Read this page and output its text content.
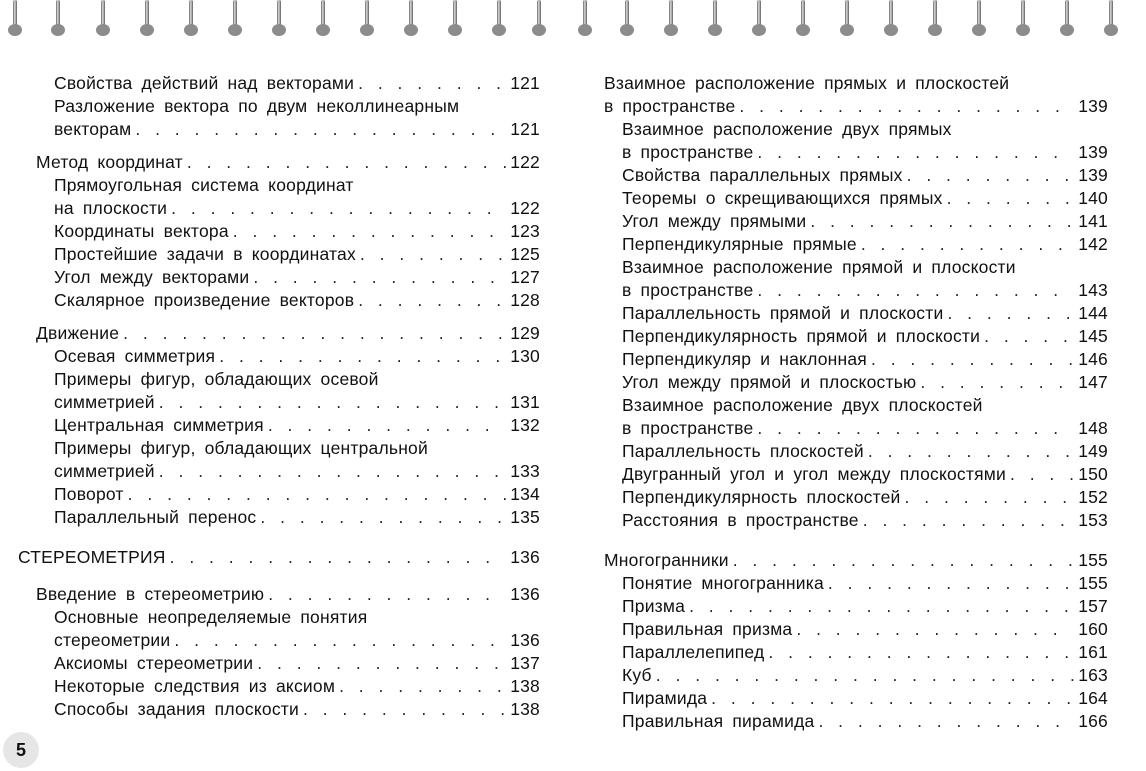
Свойства действий над векторами . . .	121
Разложение вектора по двум неколлинеарным
векторам . . .	121
Метод координат . . .	122
Прямоугольная система координат
на плоскости . . .	122
Координаты вектора . . .	123
Простейшие задачи в координатах . . .	125
Угол между векторами . . .	127
Скалярное произведение векторов . . .	128
Движение . . .	129
Осевая симметрия . . .	130
Примеры фигур, обладающих осевой
симметрией . . .	131
Центральная симметрия . . .	132
Примеры фигур, обладающих центральной
симметрией . . .	133
Поворот . . .	134
Параллельный перенос . . .	135
СТЕРЕОМЕТРИЯ . . .	136
Введение в стереометрию . . .	136
Основные неопределяемые понятия
стереометрии . . .	136
Аксиомы стереометрии . . .	137
Некоторые следствия из аксиом . . .	138
Способы задания плоскости . . .	138
Взаимное расположение прямых и плоскостей
в пространстве . . .	139
Взаимное расположение двух прямых
в пространстве . . .	139
Свойства параллельных прямых . . .	139
Теоремы о скрещивающихся прямых . . .	140
Угол между прямыми . . .	141
Перпендикулярные прямые . . .	142
Взаимное расположение прямой и плоскости
в пространстве . . .	143
Параллельность прямой и плоскости . . .	144
Перпендикулярность прямой и плоскости . . .	145
Перпендикуляр и наклонная . . .	146
Угол между прямой и плоскостью . . .	147
Взаимное расположение двух плоскостей
в пространстве . . .	148
Параллельность плоскостей . . .	149
Двугранный угол и угол между плоскостями . . .	150
Перпендикулярность плоскостей . . .	152
Расстояния в пространстве . . .	153
Многогранники . . .	155
Понятие многогранника . . .	155
Призма . . .	157
Правильная призма . . .	160
Параллелепипед . . .	161
Куб . . .	163
Пирамида . . .	164
Правильная пирамида . . .	166
5
